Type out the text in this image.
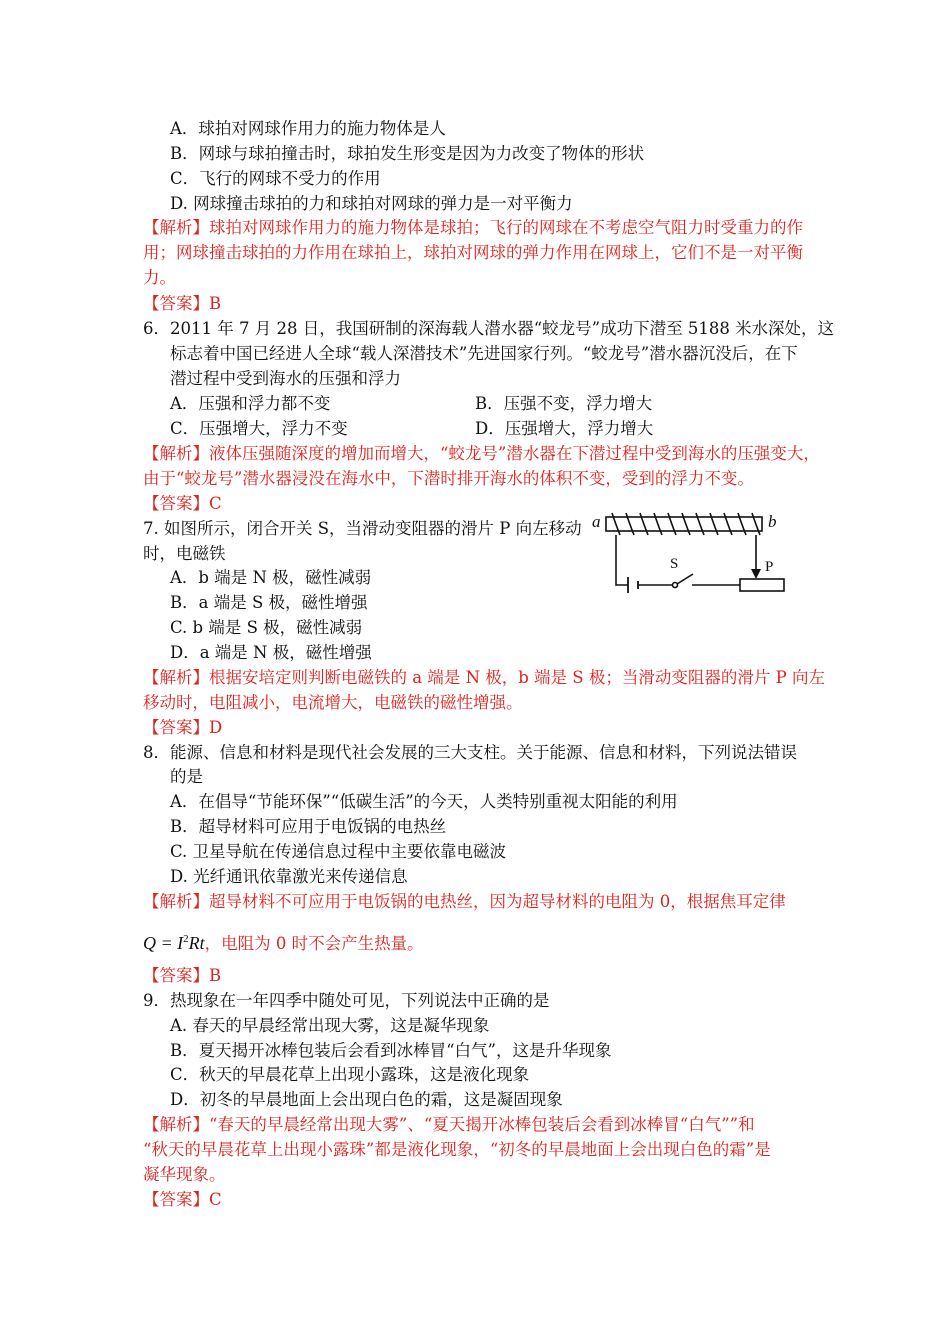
A．球拍对网球作用力的施力物体是人
B．网球与球拍撞击时，球拍发生形变是因为力改变了物体的形状
C．飞行的网球不受力的作用
D. 网球撞击球拍的力和球拍对网球的弹力是一对平衡力
【解析】球拍对网球作用力的施力物体是球拍；飞行的网球在不考虑空气阻力时受重力的作
用；网球撞击球拍的力作用在球拍上，球拍对网球的弹力作用在网球上，它们不是一对平衡
力。
【答案】B
6．2011 年 7 月 28 日，我国研制的深海载人潜水器“蛟龙号”成功下潜至 5188 米水深处，这
标志着中国已经进人全球“载人深潜技术”先进国家行列。“蛟龙号”潜水器沉没后，在下
潜过程中受到海水的压强和浮力
A．压强和浮力都不变	B．压强不变，浮力增大
C．压强增大，浮力不变	D．压强增大，浮力增大
【解析】液体压强随深度的增加而增大，“蛟龙号”潜水器在下潜过程中受到海水的压强变大，
由于“蛟龙号”潜水器浸没在海水中，下潜时排开海水的体积不变，受到的浮力不变。
【答案】C
7. 如图所示，闭合开关 S，当滑动变阻器的滑片 P 向左移动
时，电磁铁
A．b 端是 N 极，磁性减弱
B．a 端是 S 极，磁性增强
C. b 端是 S 极，磁性减弱
D．a 端是 N 极，磁性增强
a	b
S	P
【解析】根据安培定则判断电磁铁的 a 端是 N 极，b 端是 S 极；当滑动变阻器的滑片 P 向左
移动时，电阻减小，电流增大，电磁铁的磁性增强。
【答案】D
8．能源、信息和材料是现代社会发展的三大支柱。关于能源、信息和材料，下列说法错误
的是
A．在倡导“节能环保”“低碳生活”的今天，人类特别重视太阳能的利用
B．超导材料可应用于电饭锅的电热丝
C. 卫星导航在传递信息过程中主要依靠电磁波
D. 光纤通讯依靠激光来传递信息
【解析】超导材料不可应用于电饭锅的电热丝，因为超导材料的电阻为 0，根据焦耳定律
$Q = I^2Rt$，电阻为 0 时不会产生热量。
【答案】B
9．热现象在一年四季中随处可见，下列说法中正确的是
A. 春天的早晨经常出现大雾，这是凝华现象
B．夏天揭开冰棒包装后会看到冰棒冒“白气”，这是升华现象
C．秋天的早晨花草上出现小露珠，这是液化现象
D．初冬的早晨地面上会出现白色的霜，这是凝固现象
【解析】“春天的早晨经常出现大雾”、“夏天揭开冰棒包装后会看到冰棒冒“白气””和
“秋天的早晨花草上出现小露珠”都是液化现象，“初冬的早晨地面上会出现白色的霜”是
凝华现象。
【答案】C
